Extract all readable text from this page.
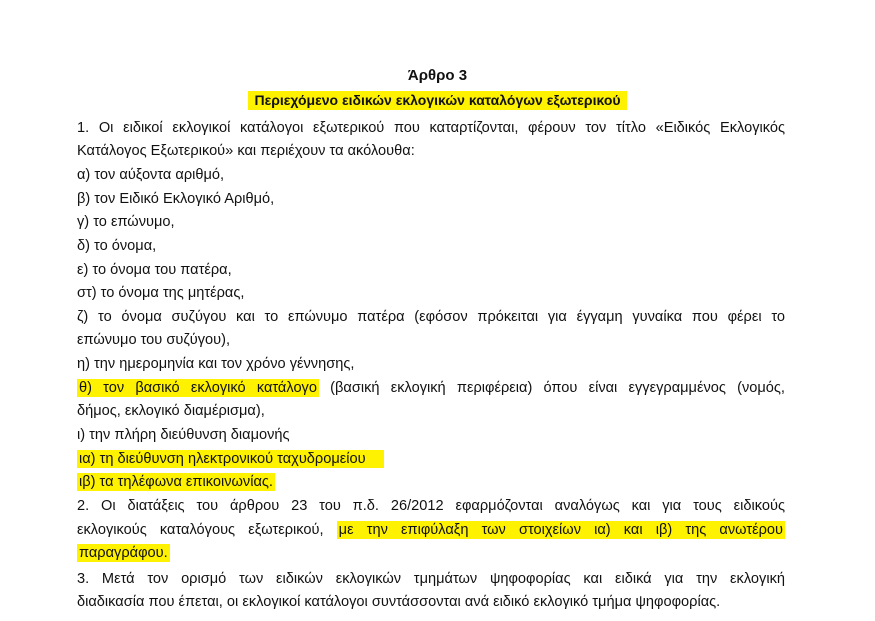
Άρθρο 3
Περιεχόμενο ειδικών εκλογικών καταλόγων εξωτερικού
1. Οι ειδικοί εκλογικοί κατάλογοι εξωτερικού που καταρτίζονται, φέρουν τον τίτλο «Ειδικός Εκλογικός
Κατάλογος Εξωτερικού» και περιέχουν τα ακόλουθα:
α) τον αύξοντα αριθμό,
β) τον Ειδικό Εκλογικό Αριθμό,
γ) το επώνυμο,
δ) το όνομα,
ε) το όνομα του πατέρα,
στ) το όνομα της μητέρας,
ζ) το όνομα συζύγου και το επώνυμο πατέρα (εφόσον πρόκειται για έγγαμη γυναίκα που φέρει το
επώνυμο του συζύγου),
η) την ημερομηνία και τον χρόνο γέννησης,
θ) τον βασικό εκλογικό κατάλογο (βασική εκλογική περιφέρεια) όπου είναι εγγεγραμμένος (νομός,
δήμος, εκλογικό διαμέρισμα),
ι) την πλήρη διεύθυνση διαμονής
ια) τη διεύθυνση ηλεκτρονικού ταχυδρομείου
ιβ) τα τηλέφωνα επικοινωνίας.
2. Οι διατάξεις του άρθρου 23 του π.δ. 26/2012 εφαρμόζονται αναλόγως και για τους ειδικούς
εκλογικούς καταλόγους εξωτερικού, με την επιφύλαξη των στοιχείων ια) και ιβ) της ανωτέρου
παραγράφου.
3. Μετά τον ορισμό των ειδικών εκλογικών τμημάτων ψηφοφορίας και ειδικά για την εκλογική
διαδικασία που έπεται, οι εκλογικοί κατάλογοι συντάσσονται ανά ειδικό εκλογικό τμήμα ψηφοφορίας.
